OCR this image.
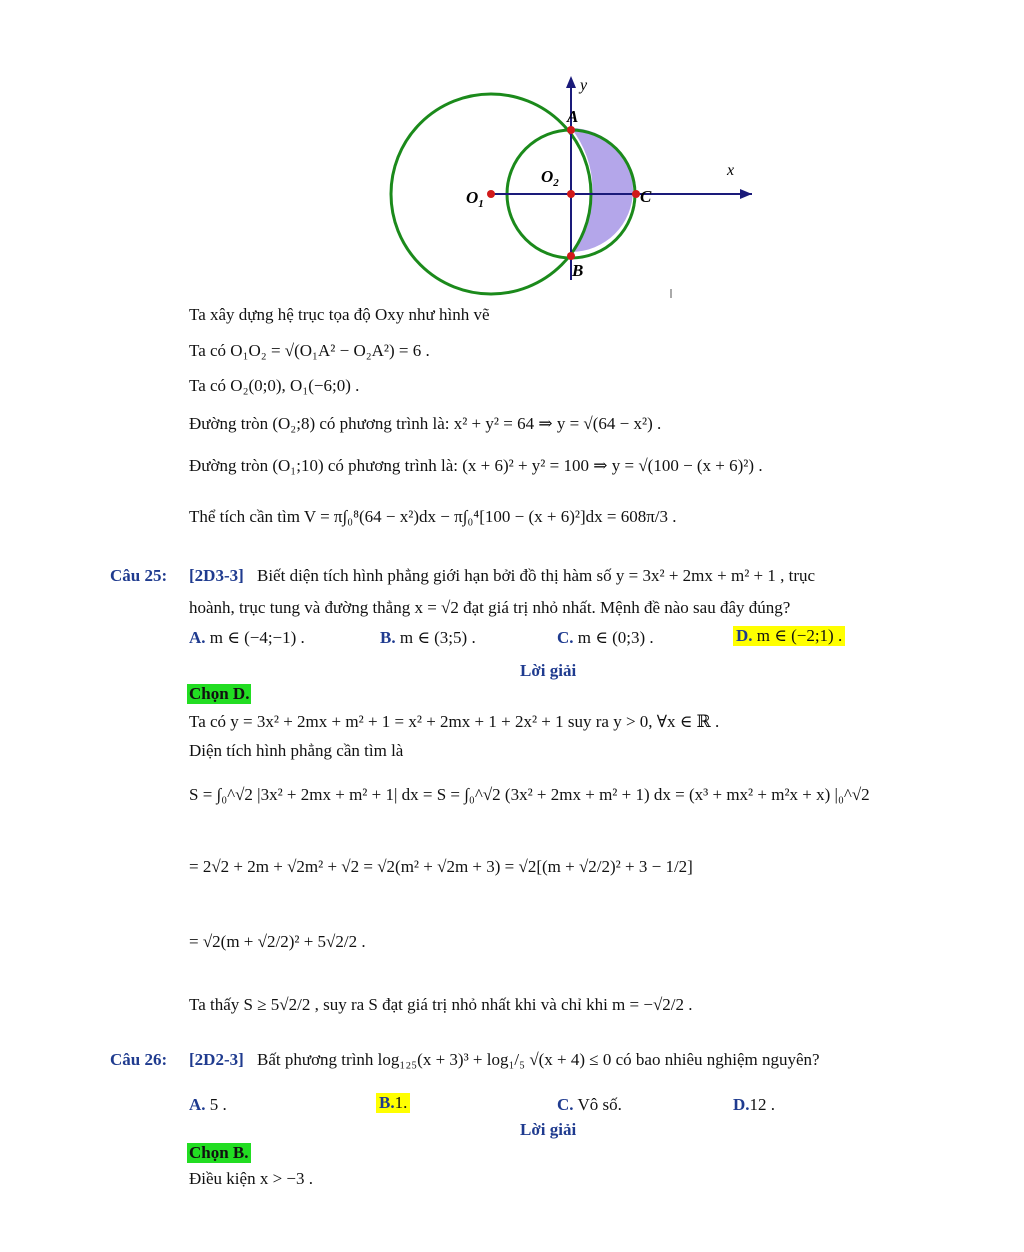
y
x
A
B
C
$O_1$
$O_2$
Ta xây dựng hệ trục tọa độ Oxy như hình vẽ
Ta có O₁O₂ = √(O₁A² − O₂A²) = 6 .
Ta có O₂(0;0), O₁(−6;0) .
Đường tròn (O₂;8) có phương trình là: x² + y² = 64 ⇒ y = √(64 − x²) .
Đường tròn (O₁;10) có phương trình là: (x + 6)² + y² = 100 ⇒ y = √(100 − (x + 6)²) .
Thể tích cần tìm V = π∫₀⁸(64 − x²)dx − π∫₀⁴[100 − (x + 6)²]dx = 608π/3 .
Câu 25: [2D3-3] Biết diện tích hình phẳng giới hạn bởi đồ thị hàm số y = 3x² + 2mx + m² + 1 , trục
hoành, trục tung và đường thẳng x = √2 đạt giá trị nhỏ nhất. Mệnh đề nào sau đây đúng?
A. m ∈ (−4;−1) .	B. m ∈ (3;5) .	C. m ∈ (0;3) .	D. m ∈ (−2;1) .
Lời giải
Chọn D.
Ta có y = 3x² + 2mx + m² + 1 = x² + 2mx + 1 + 2x² + 1 suy ra y > 0, ∀x ∈ ℝ .
Diện tích hình phẳng cần tìm là
S = ∫₀^√2 |3x² + 2mx + m² + 1| dx = S = ∫₀^√2 (3x² + 2mx + m² + 1) dx = (x³ + mx² + m²x + x) |₀^√2
= 2√2 + 2m + √2m² + √2 = √2(m² + √2m + 3) = √2[(m + √2/2)² + 3 − 1/2]
= √2(m + √2/2)² + 5√2/2 .
Ta thấy S ≥ 5√2/2 , suy ra S đạt giá trị nhỏ nhất khi và chỉ khi m = −√2/2 .
Câu 26: [2D2-3] Bất phương trình log₁₂₅(x + 3)³ + log₁/₅ √(x + 4) ≤ 0 có bao nhiêu nghiệm nguyên?
A. 5 .	B.1.	C. Vô số.	D.12 .
Lời giải
Chọn B.
Điều kiện x > −3 .
